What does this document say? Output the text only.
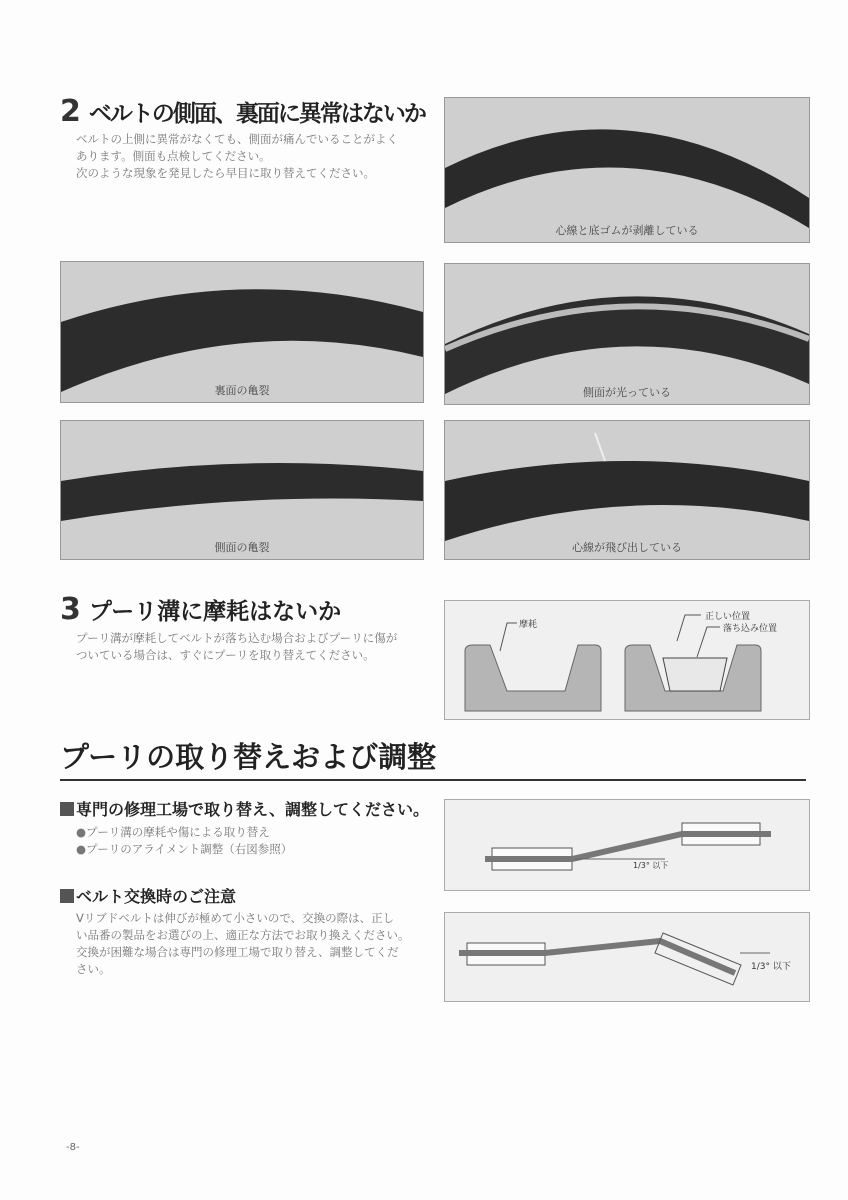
2 ベルトの側面、裏面に異常はないか
ベルトの上側に異常がなくても、側面が痛んでいることがよく
あります。側面も点検してください。
次のような現象を発見したら早目に取り替えてください。
心線と底ゴムが剥離している
裏面の亀裂	側面が光っている
側面の亀裂	心線が飛び出している
3 プーリ溝に摩耗はないか
プーリ溝が摩耗してベルトが落ち込む場合およびプーリに傷が
ついている場合は、すぐにプーリを取り替えてください。
摩耗
正しい位置
落ち込み位置
プーリの取り替えおよび調整
専門の修理工場で取り替え、調整してください。
●プーリ溝の摩耗や傷による取り替え
●プーリのアライメント調整（右図参照）
ベルト交換時のご注意
Vリブドベルトは伸びが極めて小さいので、交換の際は、正し
い品番の製品をお選びの上、適正な方法でお取り換えください。
交換が困難な場合は専門の修理工場で取り替え、調整してくだ
さい。
1/3° 以下
1/3° 以下
-8-
